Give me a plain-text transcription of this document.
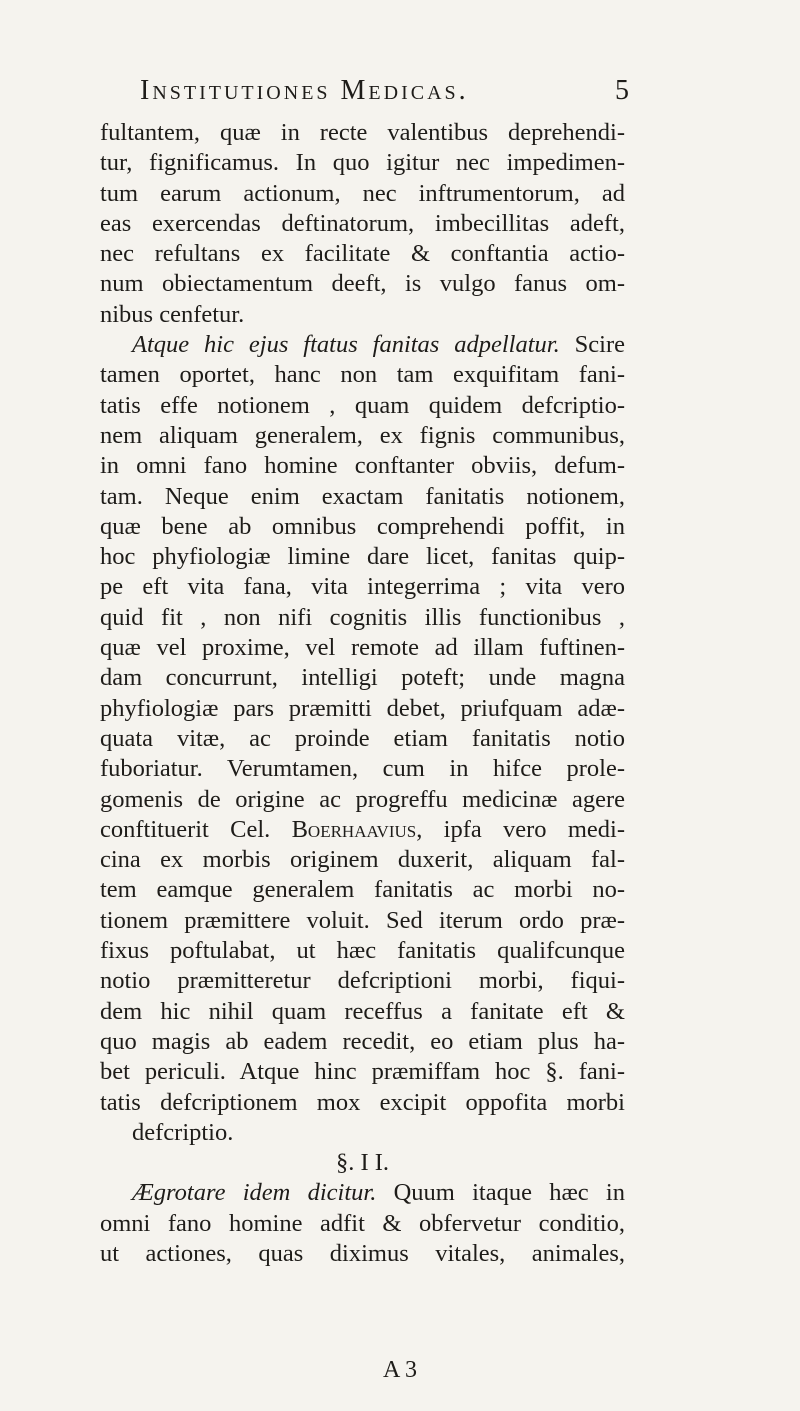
Institutiones Medicas.	5
fultantem, quæ in recte valentibus deprehendi-
tur, fignificamus. In quo igitur nec impedimen-
tum earum actionum, nec inftrumentorum, ad
eas exercendas deftinatorum, imbecillitas adeft,
nec refultans ex facilitate & conftantia actio-
num obiectamentum deeft, is vulgo fanus om-
nibus cenfetur.
Atque hic ejus ftatus fanitas adpellatur. Scire
tamen oportet, hanc non tam exquifitam fani-
tatis effe notionem , quam quidem defcriptio-
nem aliquam generalem, ex fignis communibus,
in omni fano homine conftanter obviis, defum-
tam. Neque enim exactam fanitatis notionem,
quæ bene ab omnibus comprehendi poffit, in
hoc phyfiologiæ limine dare licet, fanitas quip-
pe eft vita fana, vita integerrima ; vita vero
quid fit , non nifi cognitis illis functionibus ,
quæ vel proxime, vel remote ad illam fuftinen-
dam concurrunt, intelligi poteft; unde magna
phyfiologiæ pars præmitti debet, priufquam adæ-
quata vitæ, ac proinde etiam fanitatis notio
fuboriatur. Verumtamen, cum in hifce prole-
gomenis de origine ac progreffu medicinæ agere
conftituerit Cel. Boerhaavius, ipfa vero medi-
cina ex morbis originem duxerit, aliquam fal-
tem eamque generalem fanitatis ac morbi no-
tionem præmittere voluit. Sed iterum ordo præ-
fixus poftulabat, ut hæc fanitatis qualifcunque
notio præmitteretur defcriptioni morbi, fiqui-
dem hic nihil quam receffus a fanitate eft &
quo magis ab eadem recedit, eo etiam plus ha-
bet periculi. Atque hinc præmiffam hoc §. fani-
tatis defcriptionem mox excipit oppofita morbi
defcriptio.
§. I I.
Ægrotare idem dicitur. Quum itaque hæc in
omni fano homine adfit & obfervetur conditio,
ut actiones, quas diximus vitales, animales,
A 3
